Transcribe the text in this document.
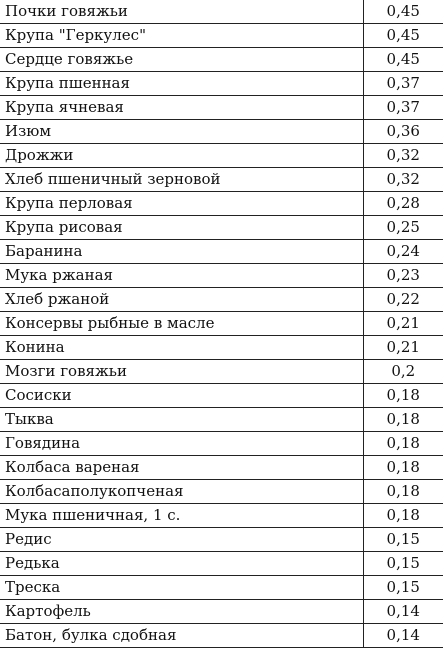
Почки говяжьи	0,45
Крупа "Геркулес"	0,45
Сердце говяжье	0,45
Крупа пшенная	0,37
Крупа ячневая	0,37
Изюм	0,36
Дрожжи	0,32
Хлеб пшеничный зерновой	0,32
Крупа перловая	0,28
Крупа рисовая	0,25
Баранина	0,24
Мука ржаная	0,23
Хлеб ржаной	0,22
Консервы рыбные в масле	0,21
Конина	0,21
Мозги говяжьи	0,2
Сосиски	0,18
Тыква	0,18
Говядина	0,18
Колбаса вареная	0,18
Колбасаполукопченая	0,18
Мука пшеничная, 1 с.	0,18
Редис	0,15
Редька	0,15
Треска	0,15
Картофель	0,14
Батон, булка сдобная	0,14
